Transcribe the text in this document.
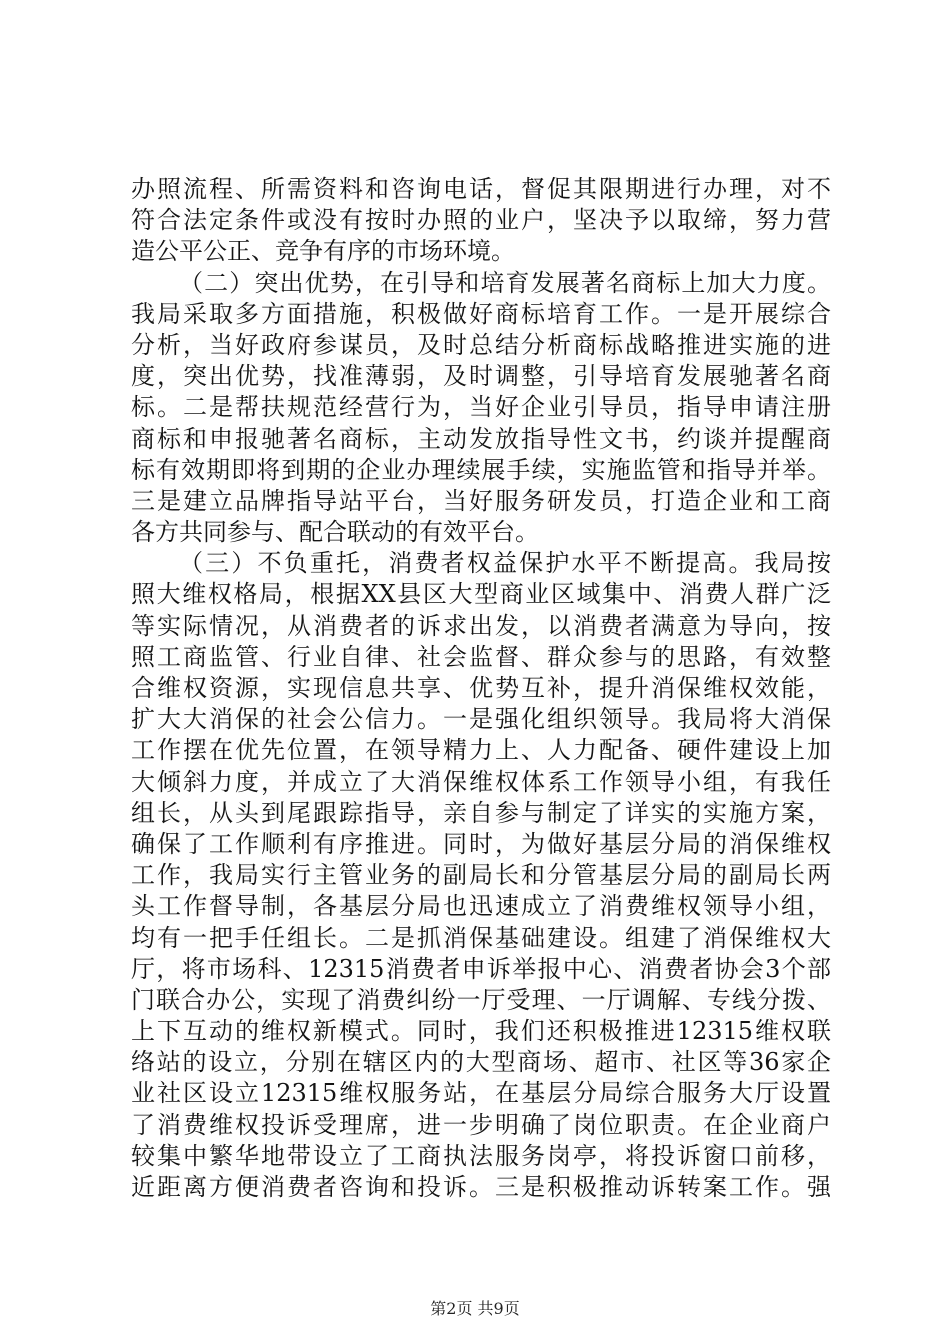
办照流程、所需资料和咨询电话，督促其限期进行办理，对不
符合法定条件或没有按时办照的业户，坚决予以取缔，努力营
造公平公正、竞争有序的市场环境。
（二）突出优势，在引导和培育发展著名商标上加大力度。
我局采取多方面措施，积极做好商标培育工作。一是开展综合
分析，当好政府参谋员，及时总结分析商标战略推进实施的进
度，突出优势，找准薄弱，及时调整，引导培育发展驰著名商
标。二是帮扶规范经营行为，当好企业引导员，指导申请注册
商标和申报驰著名商标，主动发放指导性文书，约谈并提醒商
标有效期即将到期的企业办理续展手续，实施监管和指导并举。
三是建立品牌指导站平台，当好服务研发员，打造企业和工商
各方共同参与、配合联动的有效平台。
（三）不负重托，消费者权益保护水平不断提高。我局按
照大维权格局，根据XX县区大型商业区域集中、消费人群广泛
等实际情况，从消费者的诉求出发，以消费者满意为导向，按
照工商监管、行业自律、社会监督、群众参与的思路，有效整
合维权资源，实现信息共享、优势互补，提升消保维权效能，
扩大大消保的社会公信力。一是强化组织领导。我局将大消保
工作摆在优先位置，在领导精力上、人力配备、硬件建设上加
大倾斜力度，并成立了大消保维权体系工作领导小组，有我任
组长，从头到尾跟踪指导，亲自参与制定了详实的实施方案，
确保了工作顺利有序推进。同时，为做好基层分局的消保维权
工作，我局实行主管业务的副局长和分管基层分局的副局长两
头工作督导制，各基层分局也迅速成立了消费维权领导小组，
均有一把手任组长。二是抓消保基础建设。组建了消保维权大
厅，将市场科、12315消费者申诉举报中心、消费者协会3个部
门联合办公，实现了消费纠纷一厅受理、一厅调解、专线分拨、
上下互动的维权新模式。同时，我们还积极推进12315维权联
络站的设立，分别在辖区内的大型商场、超市、社区等36家企
业社区设立12315维权服务站，在基层分局综合服务大厅设置
了消费维权投诉受理席，进一步明确了岗位职责。在企业商户
较集中繁华地带设立了工商执法服务岗亭，将投诉窗口前移，
近距离方便消费者咨询和投诉。三是积极推动诉转案工作。强
第2页 共9页
